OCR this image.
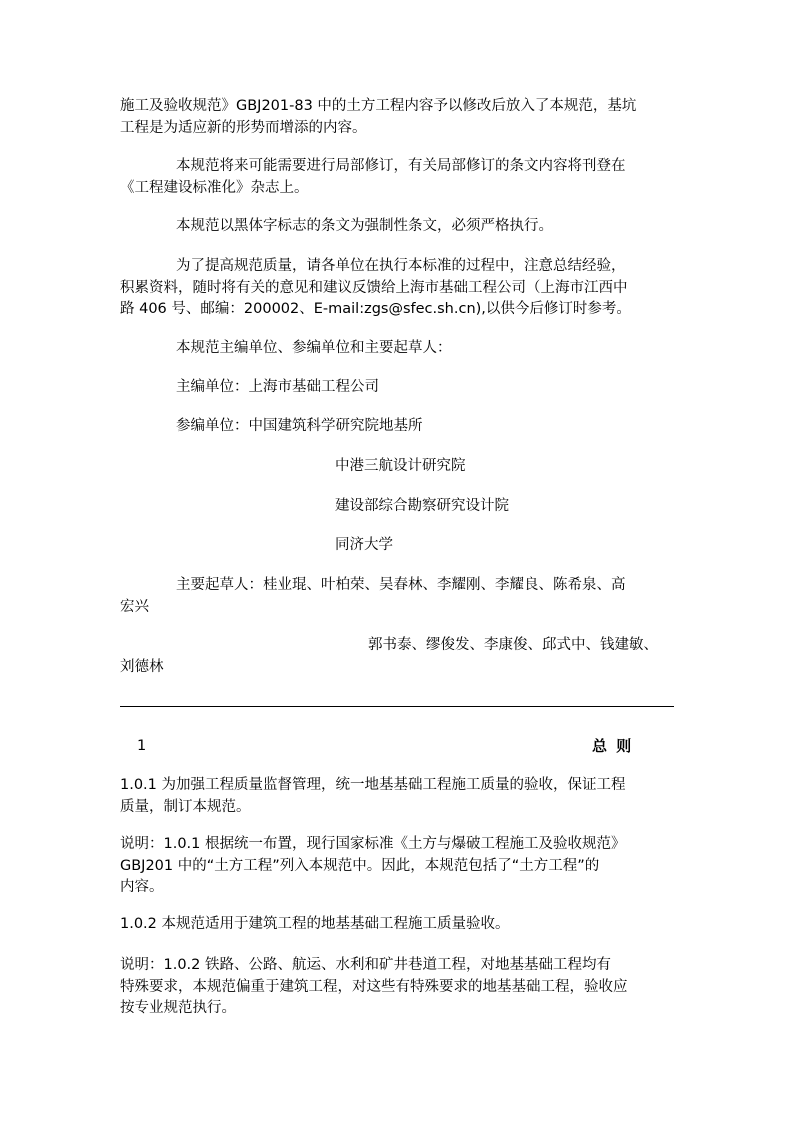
施工及验收规范》GBJ201-83 中的土方工程内容予以修改后放入了本规范，基坑
工程是为适应新的形势而增添的内容。
本规范将来可能需要进行局部修订，有关局部修订的条文内容将刊登在
《工程建设标准化》杂志上。
本规范以黑体字标志的条文为强制性条文，必须严格执行。
为了提高规范质量，请各单位在执行本标准的过程中，注意总结经验，
积累资料，随时将有关的意见和建议反馈给上海市基础工程公司（上海市江西中
路 406 号、邮编：200002、E-mail:zgs@sfec.sh.cn),以供今后修订时参考。
本规范主编单位、参编单位和主要起草人：
主编单位：上海市基础工程公司
参编单位：中国建筑科学研究院地基所
中港三航设计研究院
建设部综合勘察研究设计院
同济大学
主要起草人：桂业琨、叶柏荣、吴春林、李耀刚、李耀良、陈希泉、高
宏兴
郭书泰、缪俊发、李康俊、邱式中、钱建敏、
刘德林
1	总 则
1.0.1 为加强工程质量监督管理，统一地基基础工程施工质量的验收，保证工程
质量，制订本规范。
说明：1.0.1 根据统一布置，现行国家标准《土方与爆破工程施工及验收规范》
GBJ201 中的“土方工程”列入本规范中。因此，本规范包括了“土方工程”的
内容。
1.0.2 本规范适用于建筑工程的地基基础工程施工质量验收。
说明：1.0.2 铁路、公路、航运、水利和矿井巷道工程，对地基基础工程均有
特殊要求，本规范偏重于建筑工程，对这些有特殊要求的地基基础工程，验收应
按专业规范执行。
